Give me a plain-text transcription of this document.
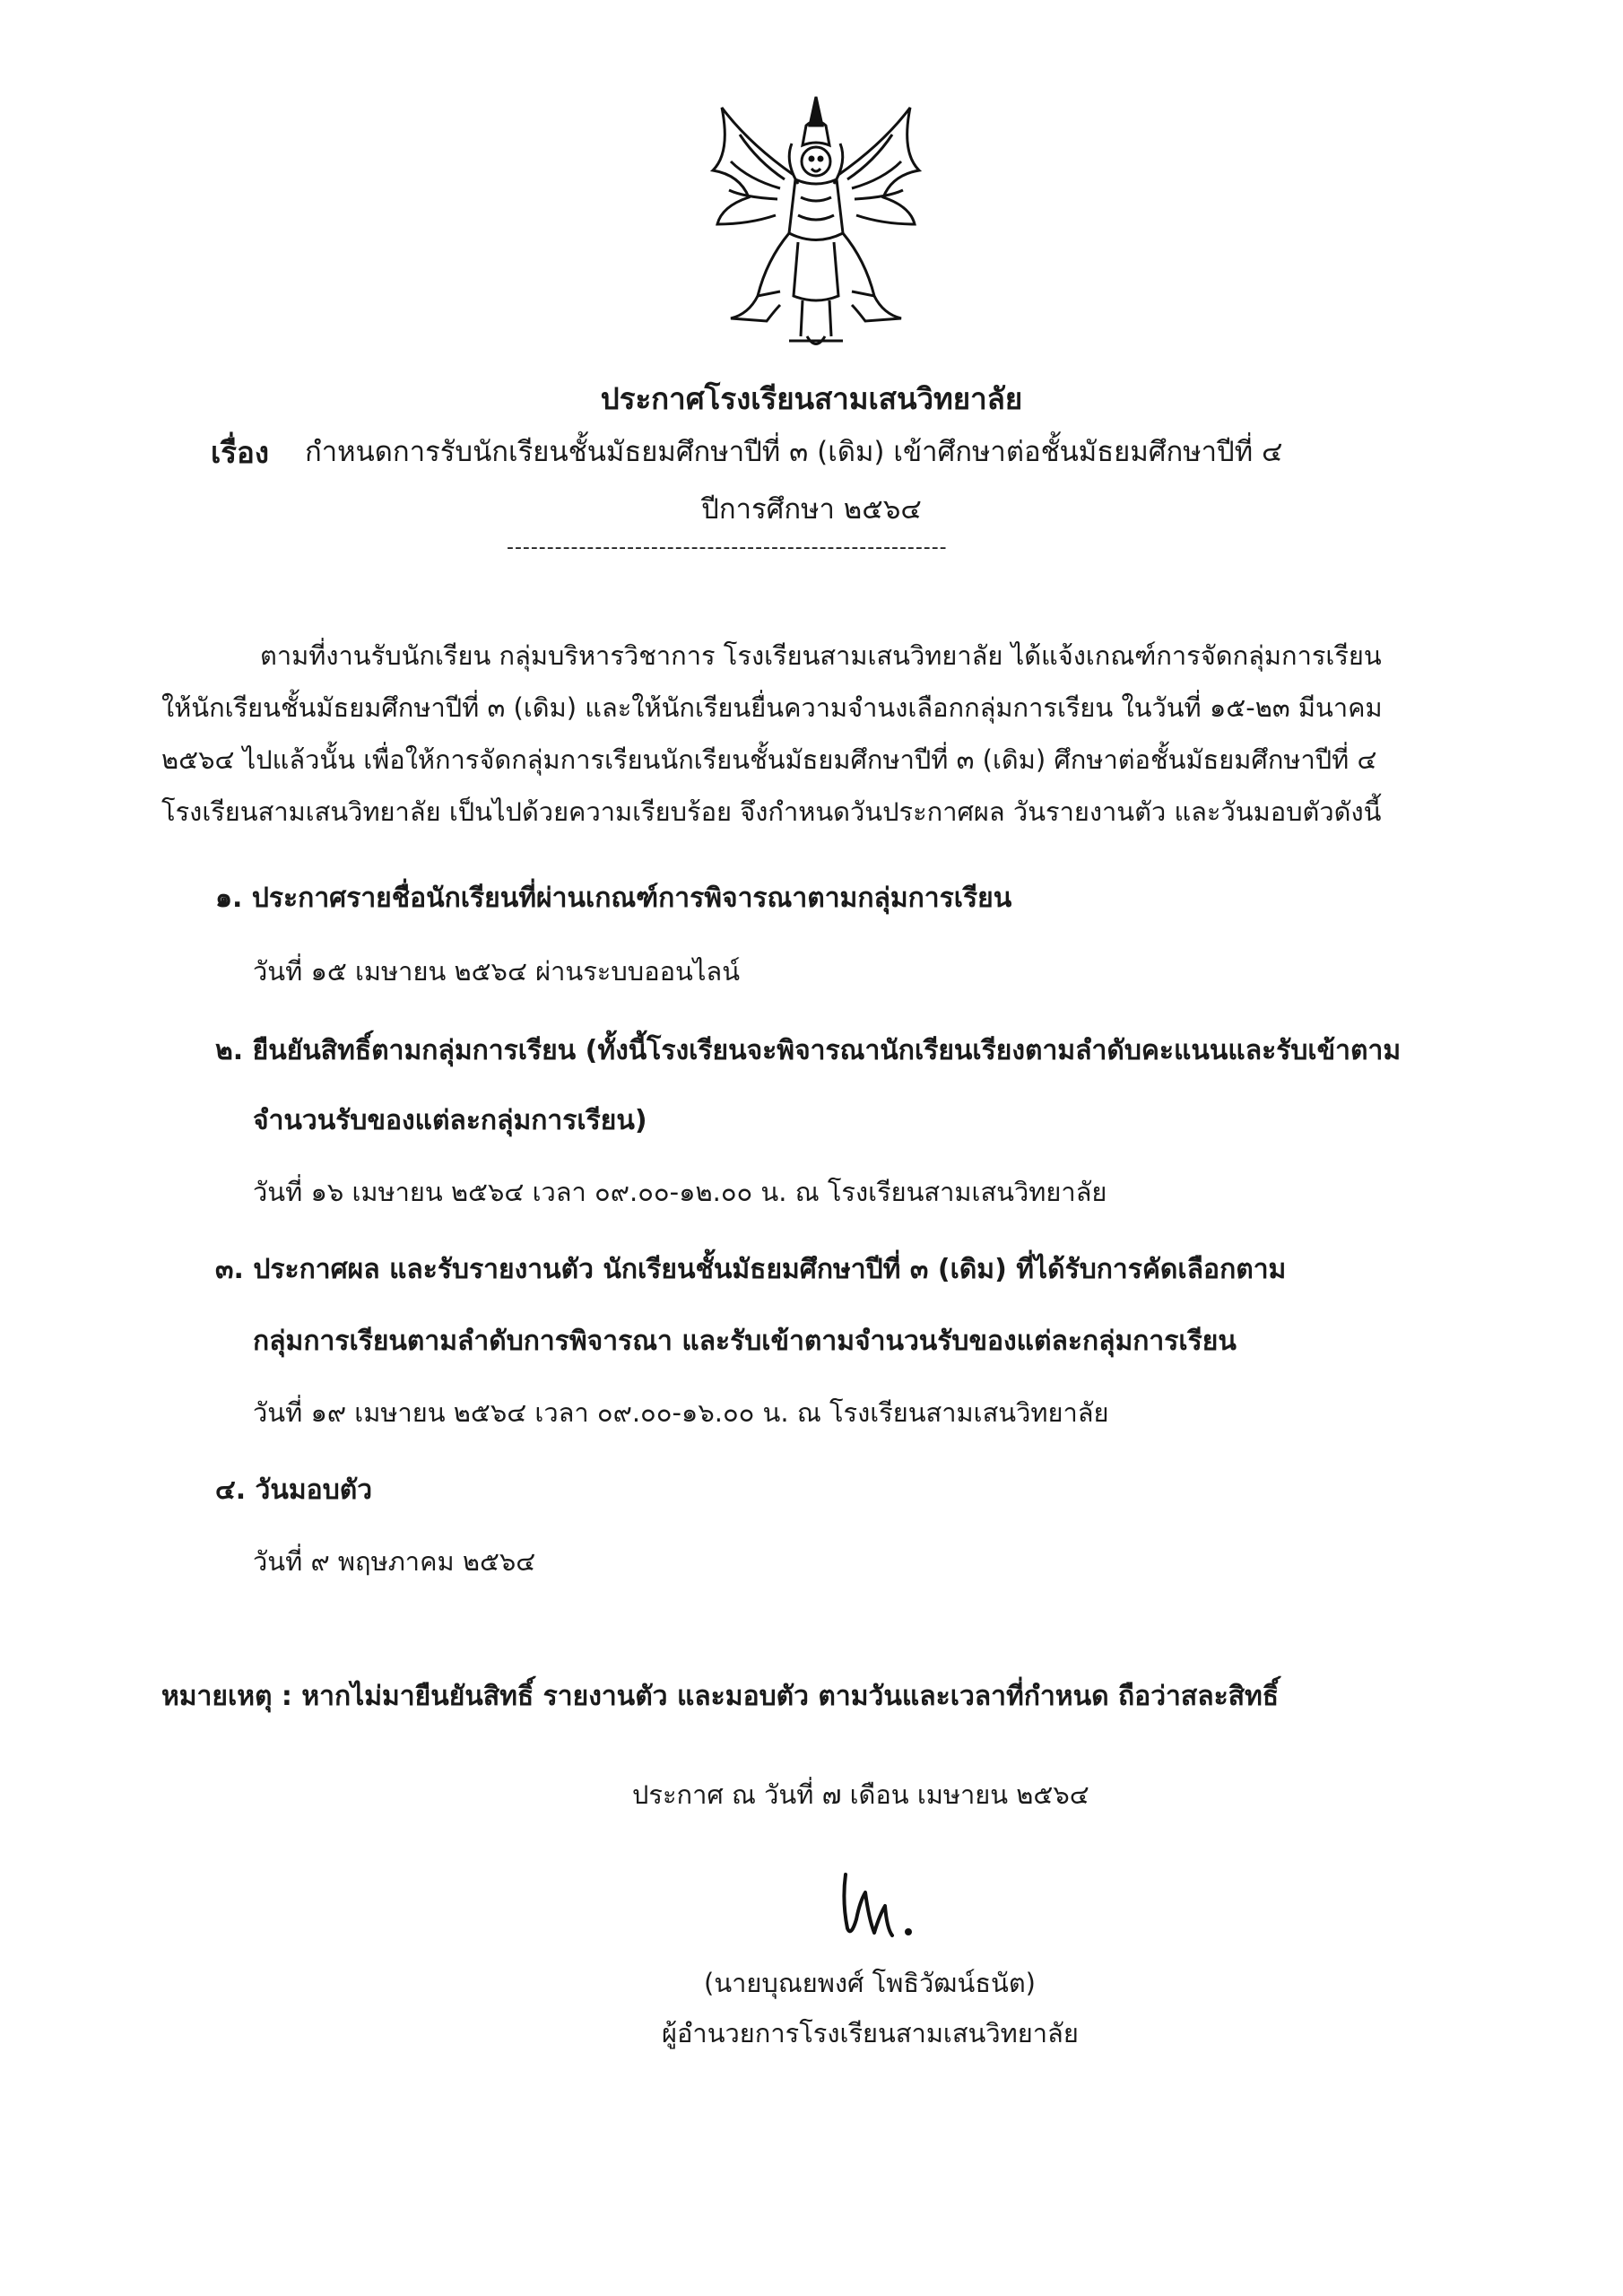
ประกาศโรงเรียนสามเสนวิทยาลัย
เรื่อง กำหนดการรับนักเรียนชั้นมัธยมศึกษาปีที่ ๓ (เดิม) เข้าศึกษาต่อชั้นมัธยมศึกษาปีที่ ๔
ปีการศึกษา ๒๕๖๔
-------------------------------------------------------
ตามที่งานรับนักเรียน กลุ่มบริหารวิชาการ โรงเรียนสามเสนวิทยาลัย ได้แจ้งเกณฑ์การจัดกลุ่มการเรียน
ให้นักเรียนชั้นมัธยมศึกษาปีที่ ๓ (เดิม) และให้นักเรียนยื่นความจำนงเลือกกลุ่มการเรียน ในวันที่ ๑๕-๒๓ มีนาคม
๒๕๖๔ ไปแล้วนั้น เพื่อให้การจัดกลุ่มการเรียนนักเรียนชั้นมัธยมศึกษาปีที่ ๓ (เดิม) ศึกษาต่อชั้นมัธยมศึกษาปีที่ ๔
โรงเรียนสามเสนวิทยาลัย เป็นไปด้วยความเรียบร้อย จึงกำหนดวันประกาศผล วันรายงานตัว และวันมอบตัวดังนี้
๑. ประกาศรายชื่อนักเรียนที่ผ่านเกณฑ์การพิจารณาตามกลุ่มการเรียน
วันที่ ๑๕ เมษายน ๒๕๖๔ ผ่านระบบออนไลน์
๒. ยืนยันสิทธิ์ตามกลุ่มการเรียน (ทั้งนี้โรงเรียนจะพิจารณานักเรียนเรียงตามลำดับคะแนนและรับเข้าตาม
จำนวนรับของแต่ละกลุ่มการเรียน)
วันที่ ๑๖ เมษายน ๒๕๖๔ เวลา ๐๙.๐๐-๑๒.๐๐ น. ณ โรงเรียนสามเสนวิทยาลัย
๓. ประกาศผล และรับรายงานตัว นักเรียนชั้นมัธยมศึกษาปีที่ ๓ (เดิม) ที่ได้รับการคัดเลือกตาม
กลุ่มการเรียนตามลำดับการพิจารณา และรับเข้าตามจำนวนรับของแต่ละกลุ่มการเรียน
วันที่ ๑๙ เมษายน ๒๕๖๔ เวลา ๐๙.๐๐-๑๖.๐๐ น. ณ โรงเรียนสามเสนวิทยาลัย
๔. วันมอบตัว
วันที่ ๙ พฤษภาคม ๒๕๖๔
หมายเหตุ : หากไม่มายืนยันสิทธิ์ รายงานตัว และมอบตัว ตามวันและเวลาที่กำหนด ถือว่าสละสิทธิ์
ประกาศ ณ วันที่ ๗ เดือน เมษายน ๒๕๖๔
(นายบุณยพงศ์ โพธิวัฒน์ธนัต)
ผู้อำนวยการโรงเรียนสามเสนวิทยาลัย
